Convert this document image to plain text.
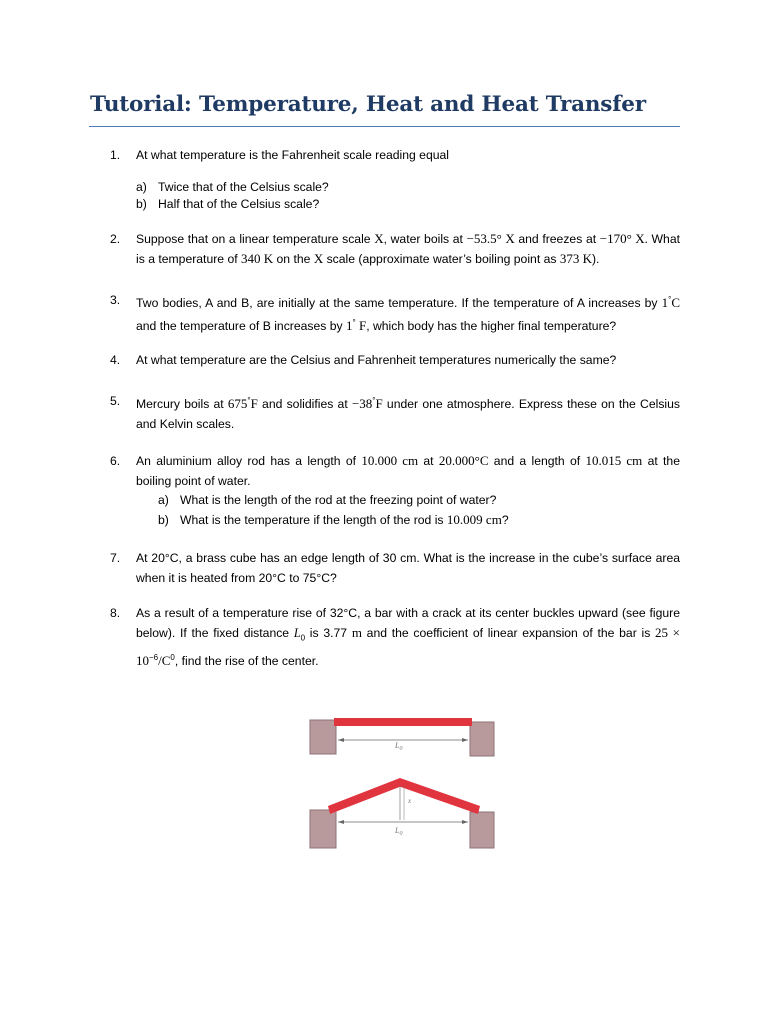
Tutorial: Temperature, Heat and Heat Transfer
1. At what temperature is the Fahrenheit scale reading equal
a) Twice that of the Celsius scale?
b) Half that of the Celsius scale?
2. Suppose that on a linear temperature scale X, water boils at −53.5° X and freezes at −170° X. What is a temperature of 340 K on the X scale (approximate water’s boiling point as 373 K).
3. Two bodies, A and B, are initially at the same temperature. If the temperature of A increases by 1°C and the temperature of B increases by 1° F, which body has the higher final temperature?
4. At what temperature are the Celsius and Fahrenheit temperatures numerically the same?
5. Mercury boils at 675°F and solidifies at −38°F under one atmosphere. Express these on the Celsius and Kelvin scales.
6. An aluminium alloy rod has a length of 10.000 cm at 20.000°C and a length of 10.015 cm at the boiling point of water.
a) What is the length of the rod at the freezing point of water?
b) What is the temperature if the length of the rod is 10.009 cm?
7. At 20°C, a brass cube has an edge length of 30 cm. What is the increase in the cube’s surface area when it is heated from 20°C to 75°C?
8. As a result of a temperature rise of 32°C, a bar with a crack at its center buckles upward (see figure below). If the fixed distance $L_0$ is 3.77 m and the coefficient of linear expansion of the bar is $25 \times 10^{-6}/C^0$, find the rise of the center.
$L_0$
x
$L_0$
